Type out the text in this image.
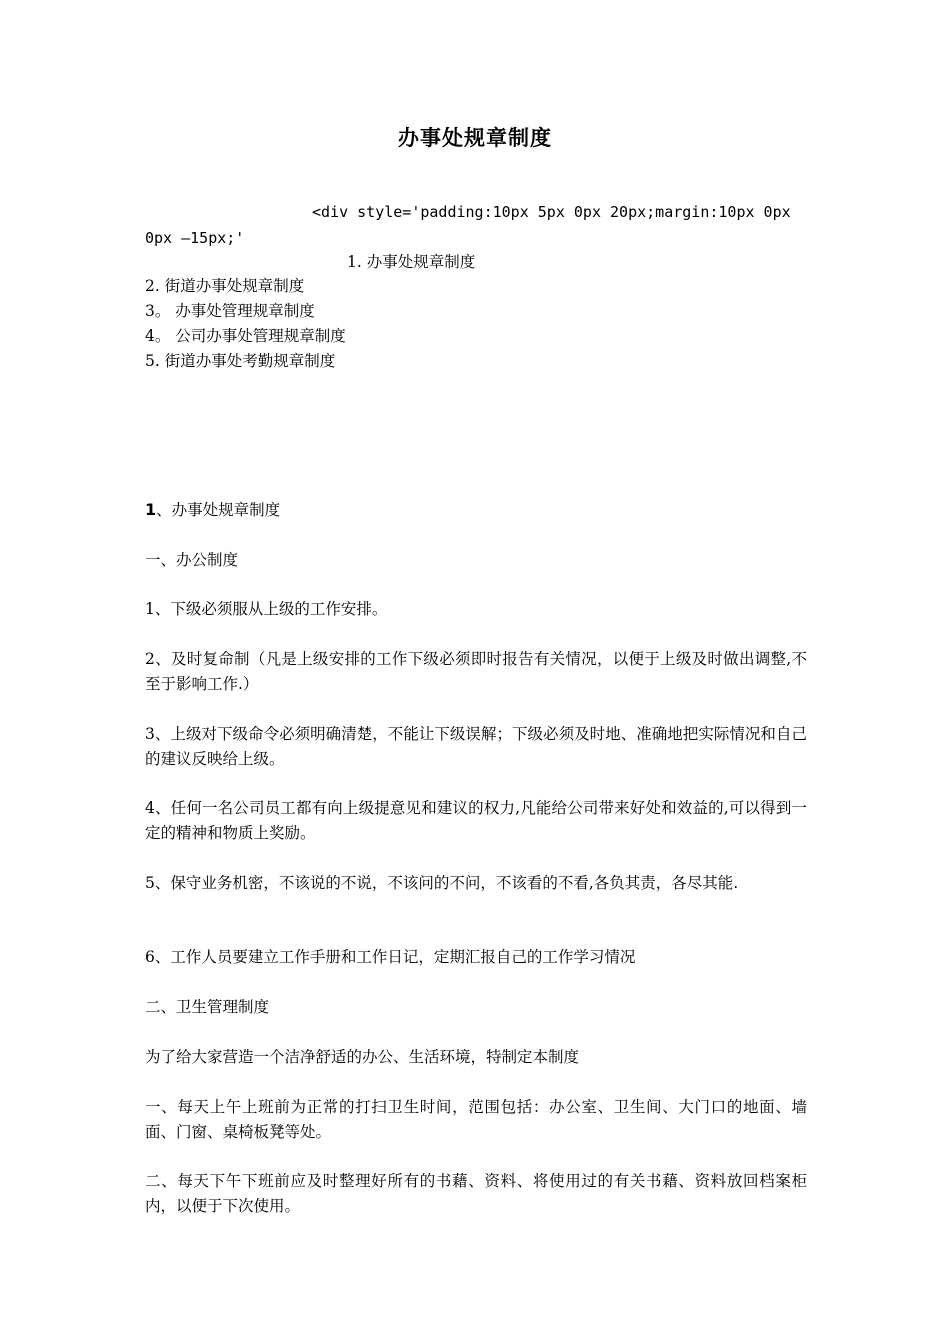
办事处规章制度
<div style='padding:10px 5px 0px 20px;margin:10px 0px
0px —15px;'
1. 办事处规章制度
2. 街道办事处规章制度
3。 办事处管理规章制度
4。 公司办事处管理规章制度
5. 街道办事处考勤规章制度
1、办事处规章制度
一、办公制度
1、下级必须服从上级的工作安排。
2、及时复命制（凡是上级安排的工作下级必须即时报告有关情况，以便于上级及时做出调整,不至于影响工作.）
3、上级对下级命令必须明确清楚，不能让下级误解；下级必须及时地、准确地把实际情况和自己的建议反映给上级。
4、任何一名公司员工都有向上级提意见和建议的权力,凡能给公司带来好处和效益的,可以得到一定的精神和物质上奖励。
5、保守业务机密，不该说的不说，不该问的不问，不该看的不看,各负其责，各尽其能.
6、工作人员要建立工作手册和工作日记，定期汇报自己的工作学习情况
二、卫生管理制度
为了给大家营造一个洁净舒适的办公、生活环境，特制定本制度
一、每天上午上班前为正常的打扫卫生时间，范围包括：办公室、卫生间、大门口的地面、墙面、门窗、桌椅板凳等处。
二、每天下午下班前应及时整理好所有的书藉、资料、将使用过的有关书藉、资料放回档案柜内，以便于下次使用。
